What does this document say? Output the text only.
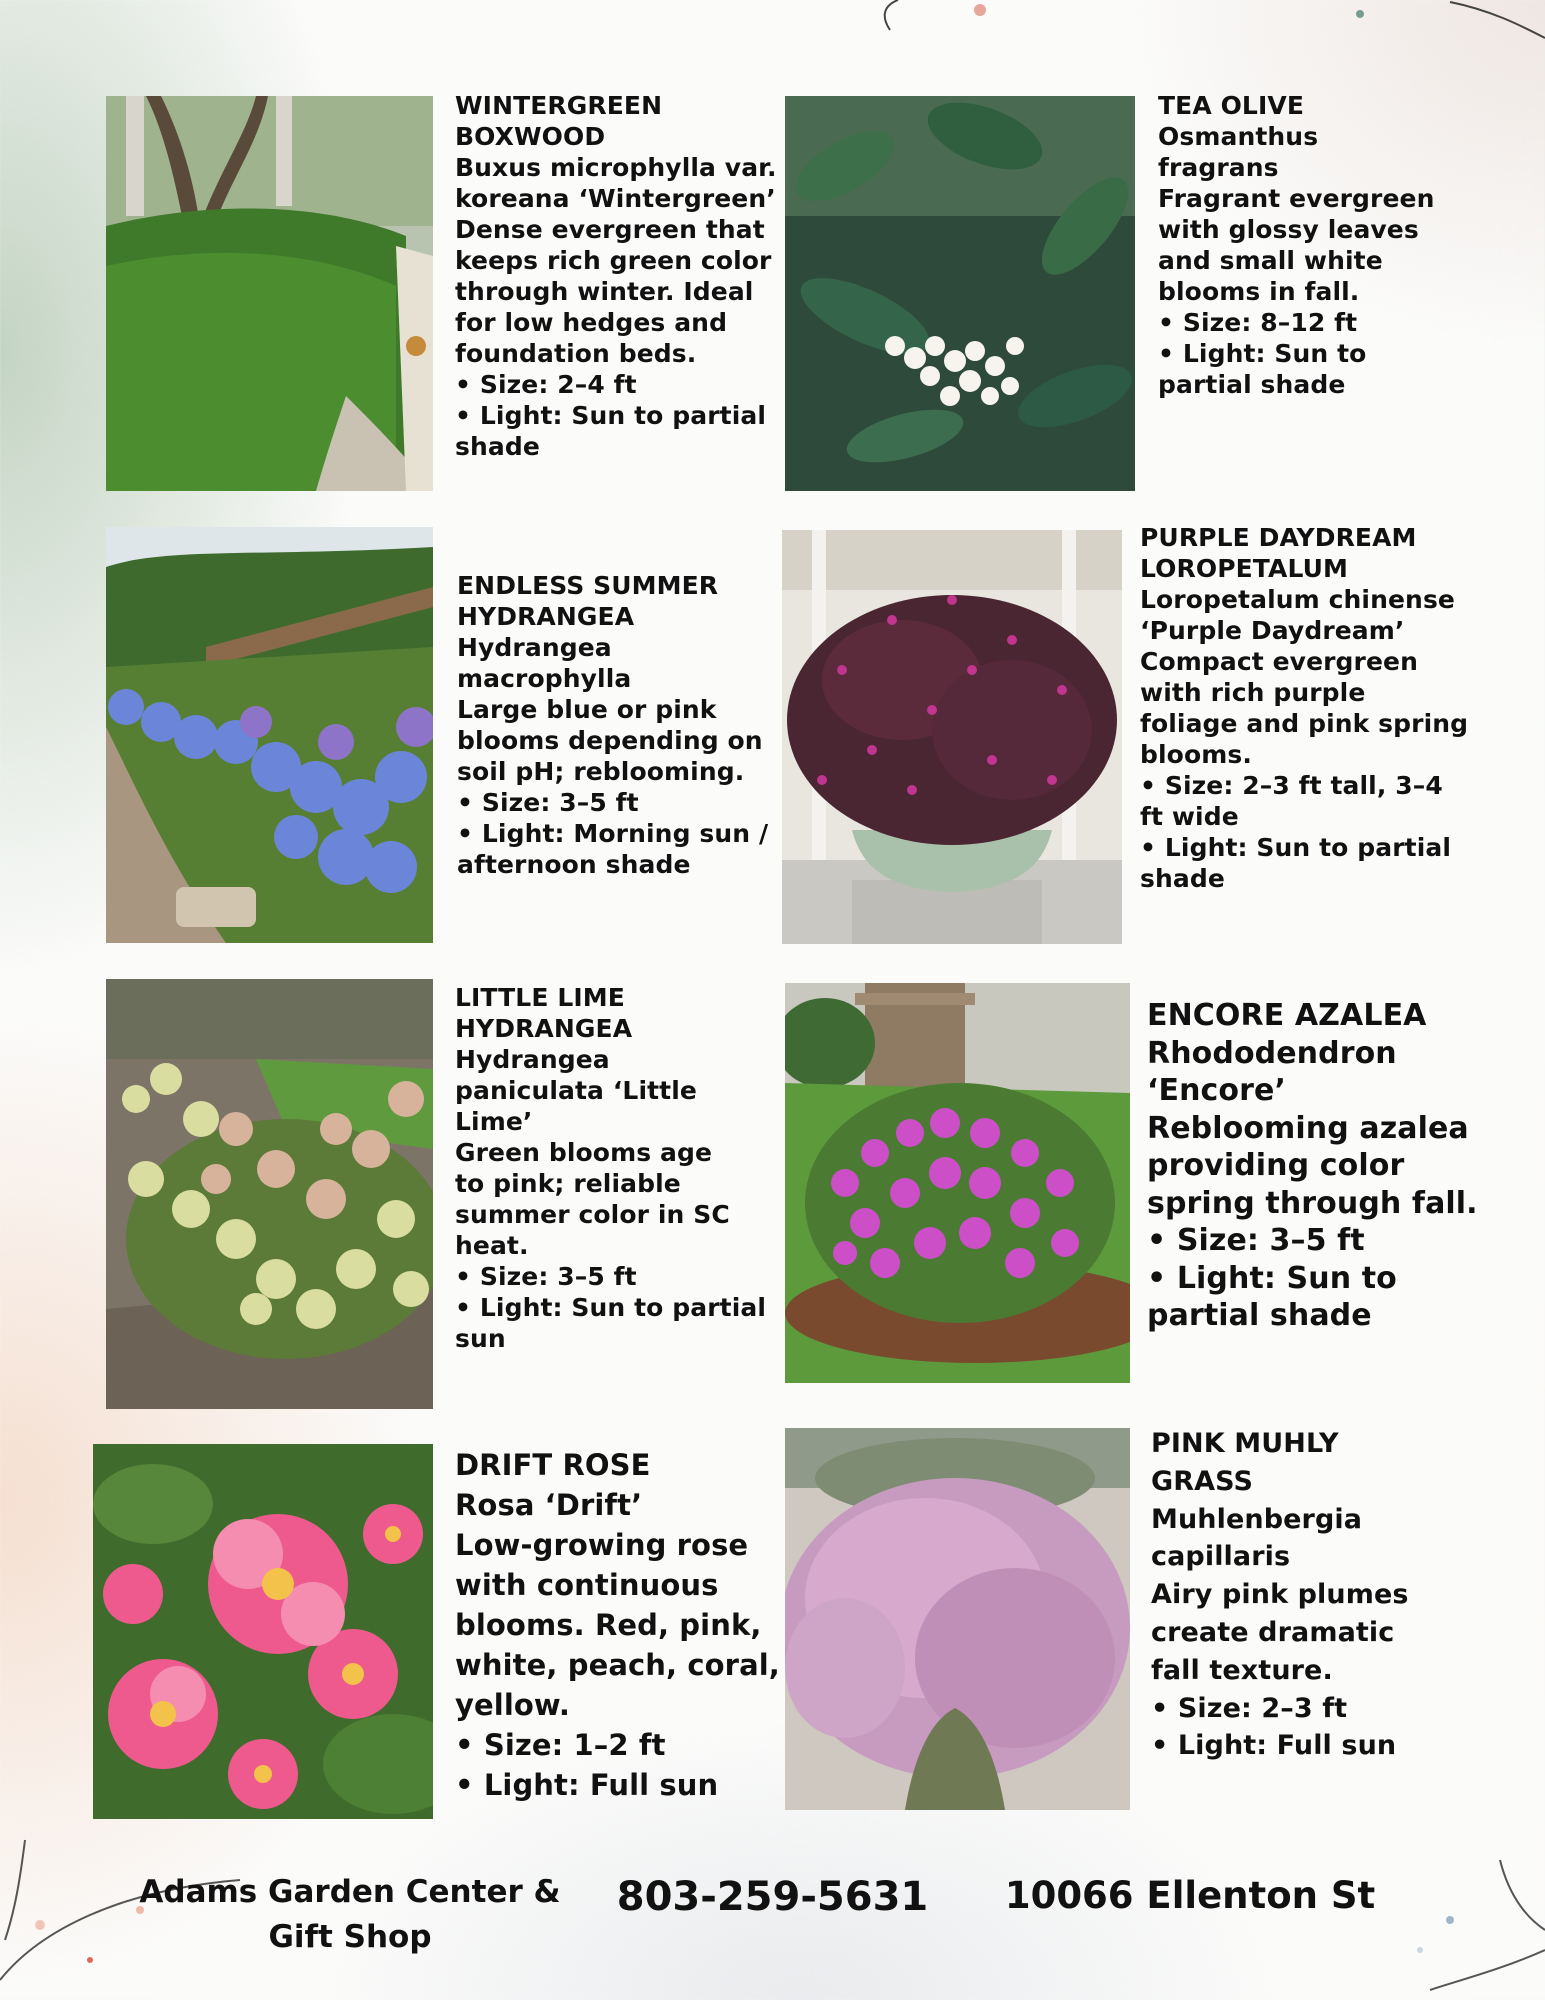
WINTERGREEN
BOXWOOD
Buxus microphylla var.
koreana ‘Wintergreen’
Dense evergreen that
keeps rich green color
through winter. Ideal
for low hedges and
foundation beds.
• Size: 2–4 ft
• Light: Sun to partial
shade
TEA OLIVE
Osmanthus
fragrans
Fragrant evergreen
with glossy leaves
and small white
blooms in fall.
• Size: 8–12 ft
• Light: Sun to
partial shade
ENDLESS SUMMER
HYDRANGEA
Hydrangea
macrophylla
Large blue or pink
blooms depending on
soil pH; reblooming.
• Size: 3–5 ft
• Light: Morning sun /
afternoon shade
PURPLE DAYDREAM
LOROPETALUM
Loropetalum chinense
‘Purple Daydream’
Compact evergreen
with rich purple
foliage and pink spring
blooms.
• Size: 2–3 ft tall, 3–4
ft wide
• Light: Sun to partial
shade
LITTLE LIME
HYDRANGEA
Hydrangea
paniculata ‘Little
Lime’
Green blooms age
to pink; reliable
summer color in SC
heat.
• Size: 3–5 ft
• Light: Sun to partial
sun
ENCORE AZALEA
Rhododendron
‘Encore’
Reblooming azalea
providing color
spring through fall.
• Size: 3–5 ft
• Light: Sun to
partial shade
DRIFT ROSE
Rosa ‘Drift’
Low-growing rose
with continuous
blooms. Red, pink,
white, peach, coral,
yellow.
• Size: 1–2 ft
• Light: Full sun
PINK MUHLY
GRASS
Muhlenbergia
capillaris
Airy pink plumes
create dramatic
fall texture.
• Size: 2–3 ft
• Light: Full sun
Adams Garden Center &
Gift Shop
803-259-5631	10066 Ellenton St
